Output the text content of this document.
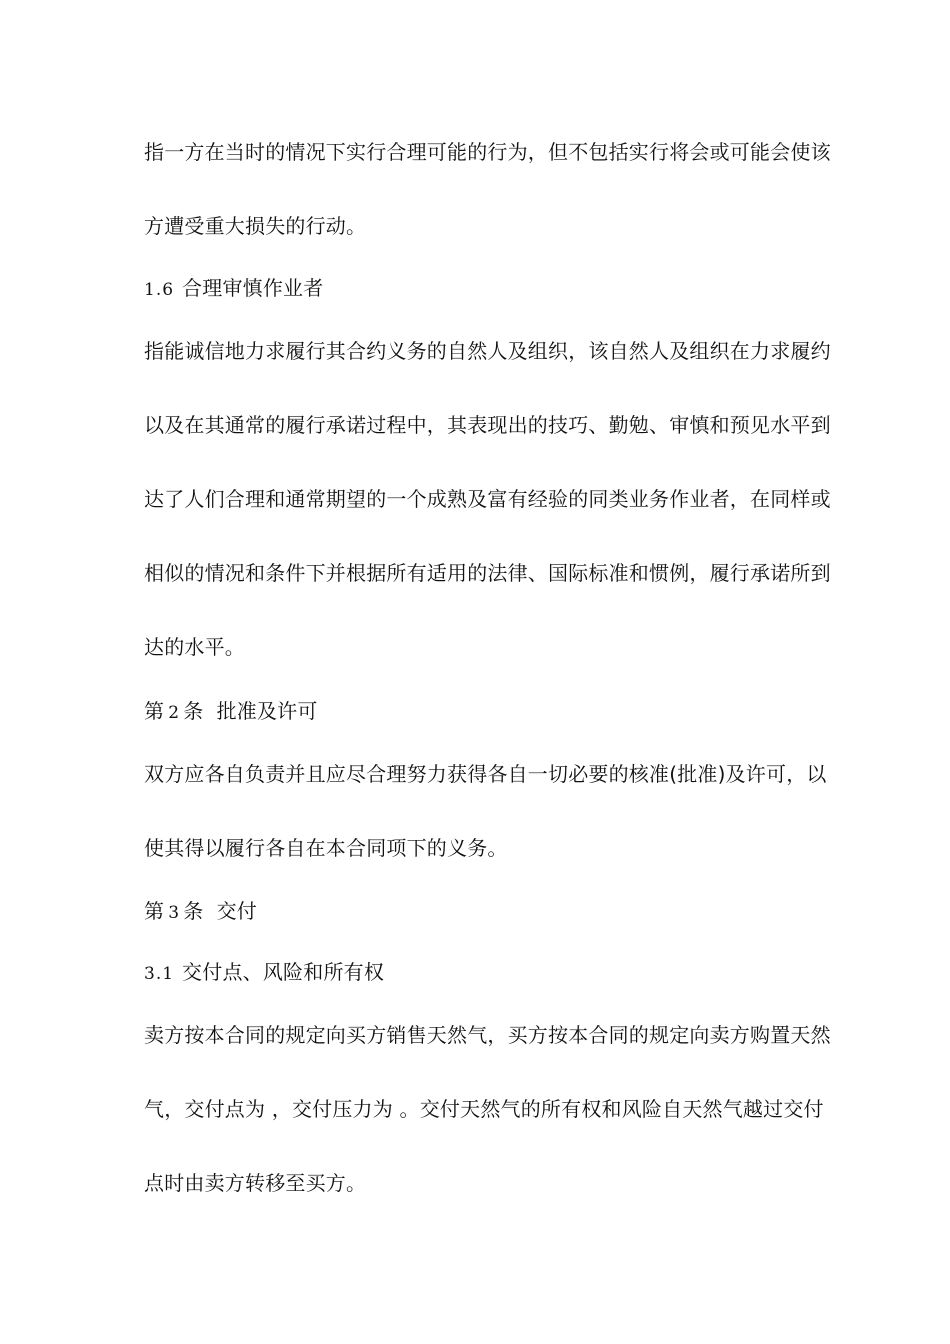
指一方在当时的情况下实行合理可能的行为，但不包括实行将会或可能会使该
方遭受重大损失的行动。
1.6 合理审慎作业者
指能诚信地力求履行其合约义务的自然人及组织，该自然人及组织在力求履约
以及在其通常的履行承诺过程中，其表现出的技巧、勤勉、审慎和预见水平到
达了人们合理和通常期望的一个成熟及富有经验的同类业务作业者，在同样或
相似的情况和条件下并根据所有适用的法律、国际标准和惯例，履行承诺所到
达的水平。
第 2 条 批准及许可
双方应各自负责并且应尽合理努力获得各自一切必要的核准(批准)及许可，以
使其得以履行各自在本合同项下的义务。
第 3 条 交付
3.1 交付点、风险和所有权
卖方按本合同的规定向买方销售天然气，买方按本合同的规定向卖方购置天然
气，交付点为 ，交付压力为 。交付天然气的所有权和风险自天然气越过交付
点时由卖方转移至买方。
